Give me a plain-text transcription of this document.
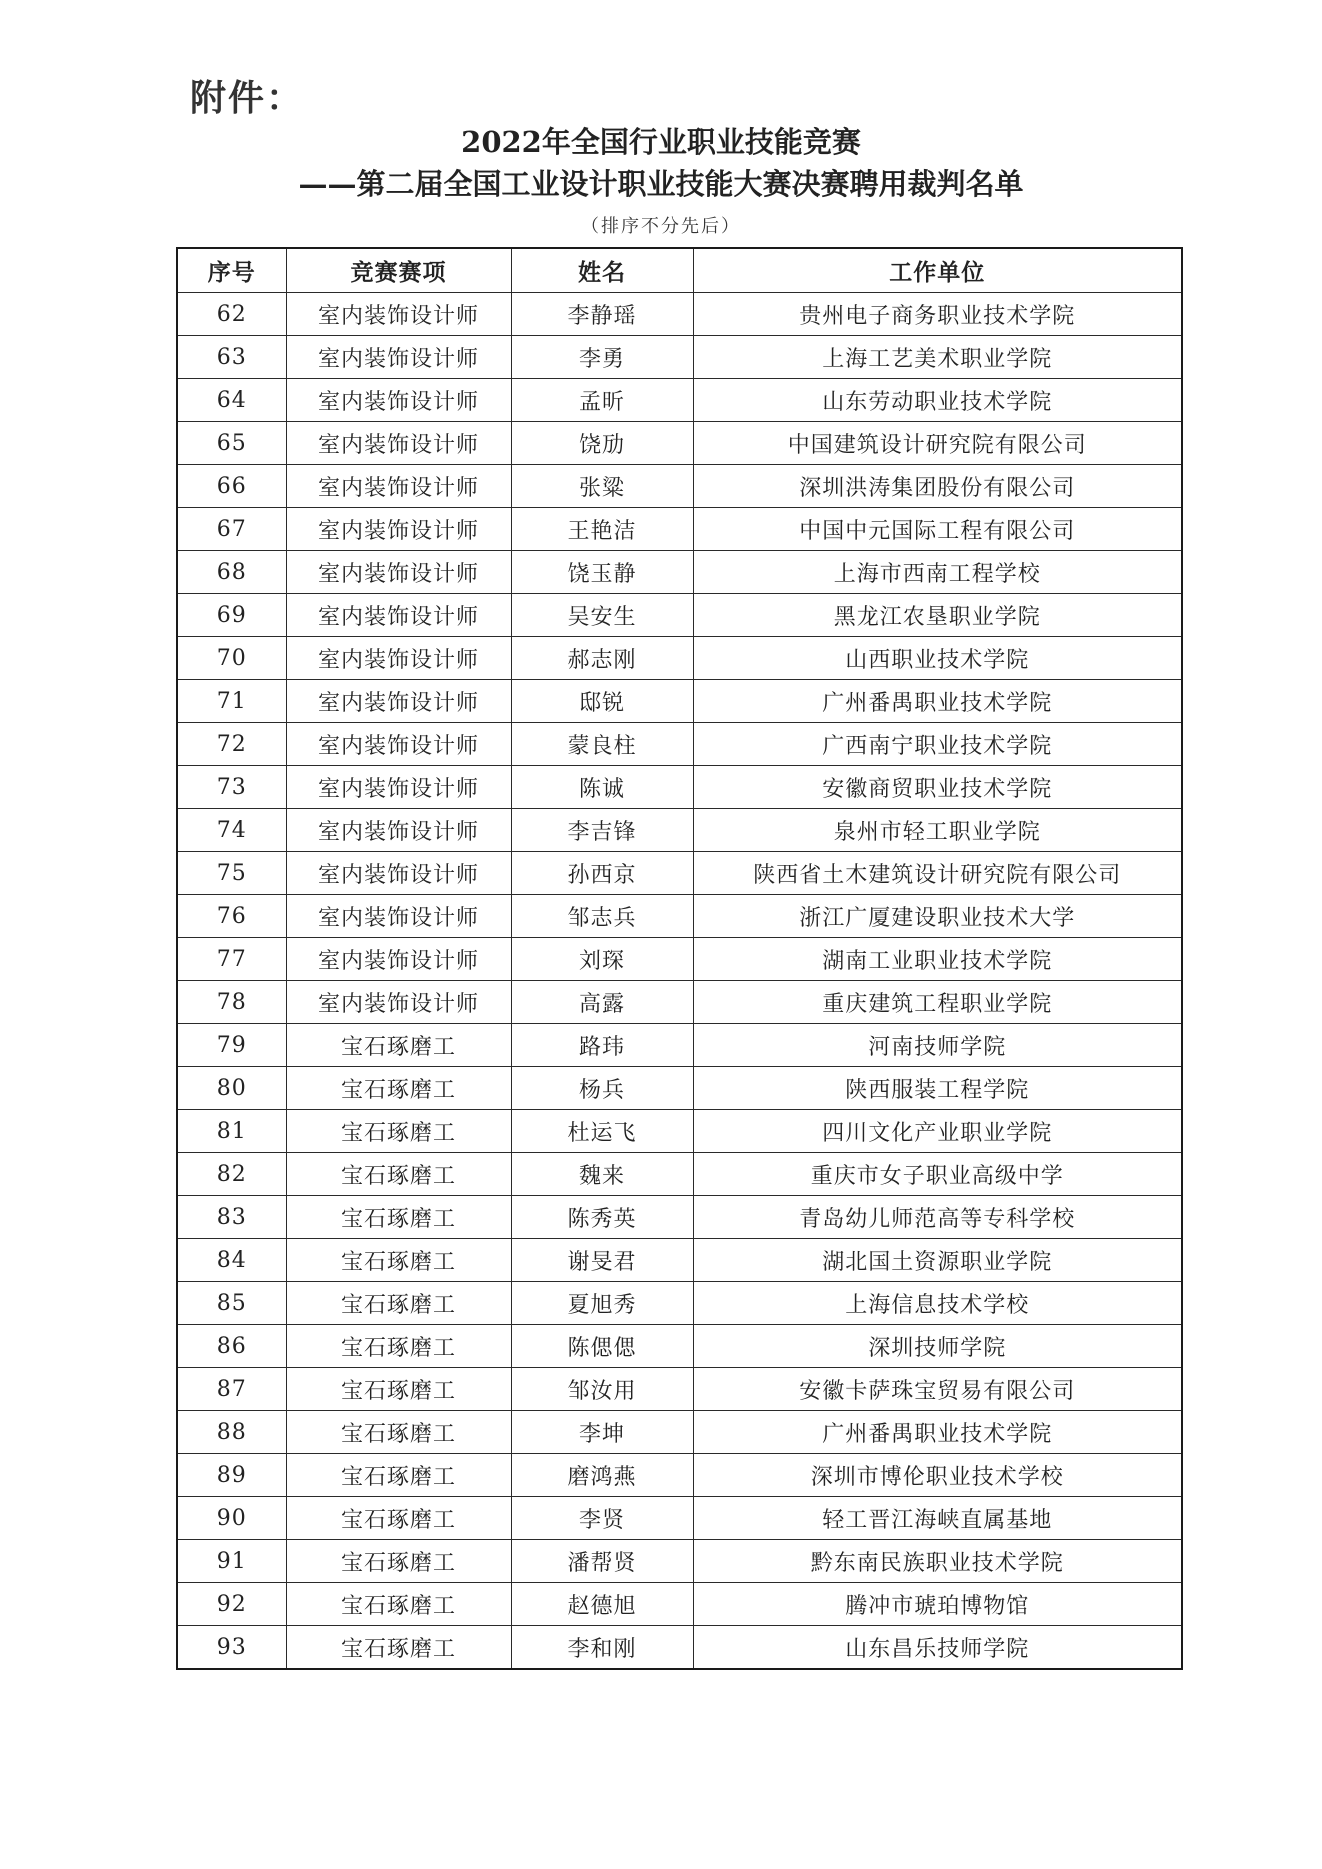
附件：
2022年全国行业职业技能竞赛
——第二届全国工业设计职业技能大赛决赛聘用裁判名单
（排序不分先后）
序号	竞赛赛项	姓名	工作单位
62	室内装饰设计师	李静瑶	贵州电子商务职业技术学院
63	室内装饰设计师	李勇	上海工艺美术职业学院
64	室内装饰设计师	孟昕	山东劳动职业技术学院
65	室内装饰设计师	饶劢	中国建筑设计研究院有限公司
66	室内装饰设计师	张粱	深圳洪涛集团股份有限公司
67	室内装饰设计师	王艳洁	中国中元国际工程有限公司
68	室内装饰设计师	饶玉静	上海市西南工程学校
69	室内装饰设计师	吴安生	黑龙江农垦职业学院
70	室内装饰设计师	郝志刚	山西职业技术学院
71	室内装饰设计师	邸锐	广州番禺职业技术学院
72	室内装饰设计师	蒙良柱	广西南宁职业技术学院
73	室内装饰设计师	陈诚	安徽商贸职业技术学院
74	室内装饰设计师	李吉锋	泉州市轻工职业学院
75	室内装饰设计师	孙西京	陕西省土木建筑设计研究院有限公司
76	室内装饰设计师	邹志兵	浙江广厦建设职业技术大学
77	室内装饰设计师	刘琛	湖南工业职业技术学院
78	室内装饰设计师	高露	重庆建筑工程职业学院
79	宝石琢磨工	路玮	河南技师学院
80	宝石琢磨工	杨兵	陕西服装工程学院
81	宝石琢磨工	杜运飞	四川文化产业职业学院
82	宝石琢磨工	魏来	重庆市女子职业高级中学
83	宝石琢磨工	陈秀英	青岛幼儿师范高等专科学校
84	宝石琢磨工	谢旻君	湖北国土资源职业学院
85	宝石琢磨工	夏旭秀	上海信息技术学校
86	宝石琢磨工	陈偲偲	深圳技师学院
87	宝石琢磨工	邹汝用	安徽卡萨珠宝贸易有限公司
88	宝石琢磨工	李坤	广州番禺职业技术学院
89	宝石琢磨工	磨鸿燕	深圳市博伦职业技术学校
90	宝石琢磨工	李贤	轻工晋江海峡直属基地
91	宝石琢磨工	潘帮贤	黔东南民族职业技术学院
92	宝石琢磨工	赵德旭	腾冲市琥珀博物馆
93	宝石琢磨工	李和刚	山东昌乐技师学院
